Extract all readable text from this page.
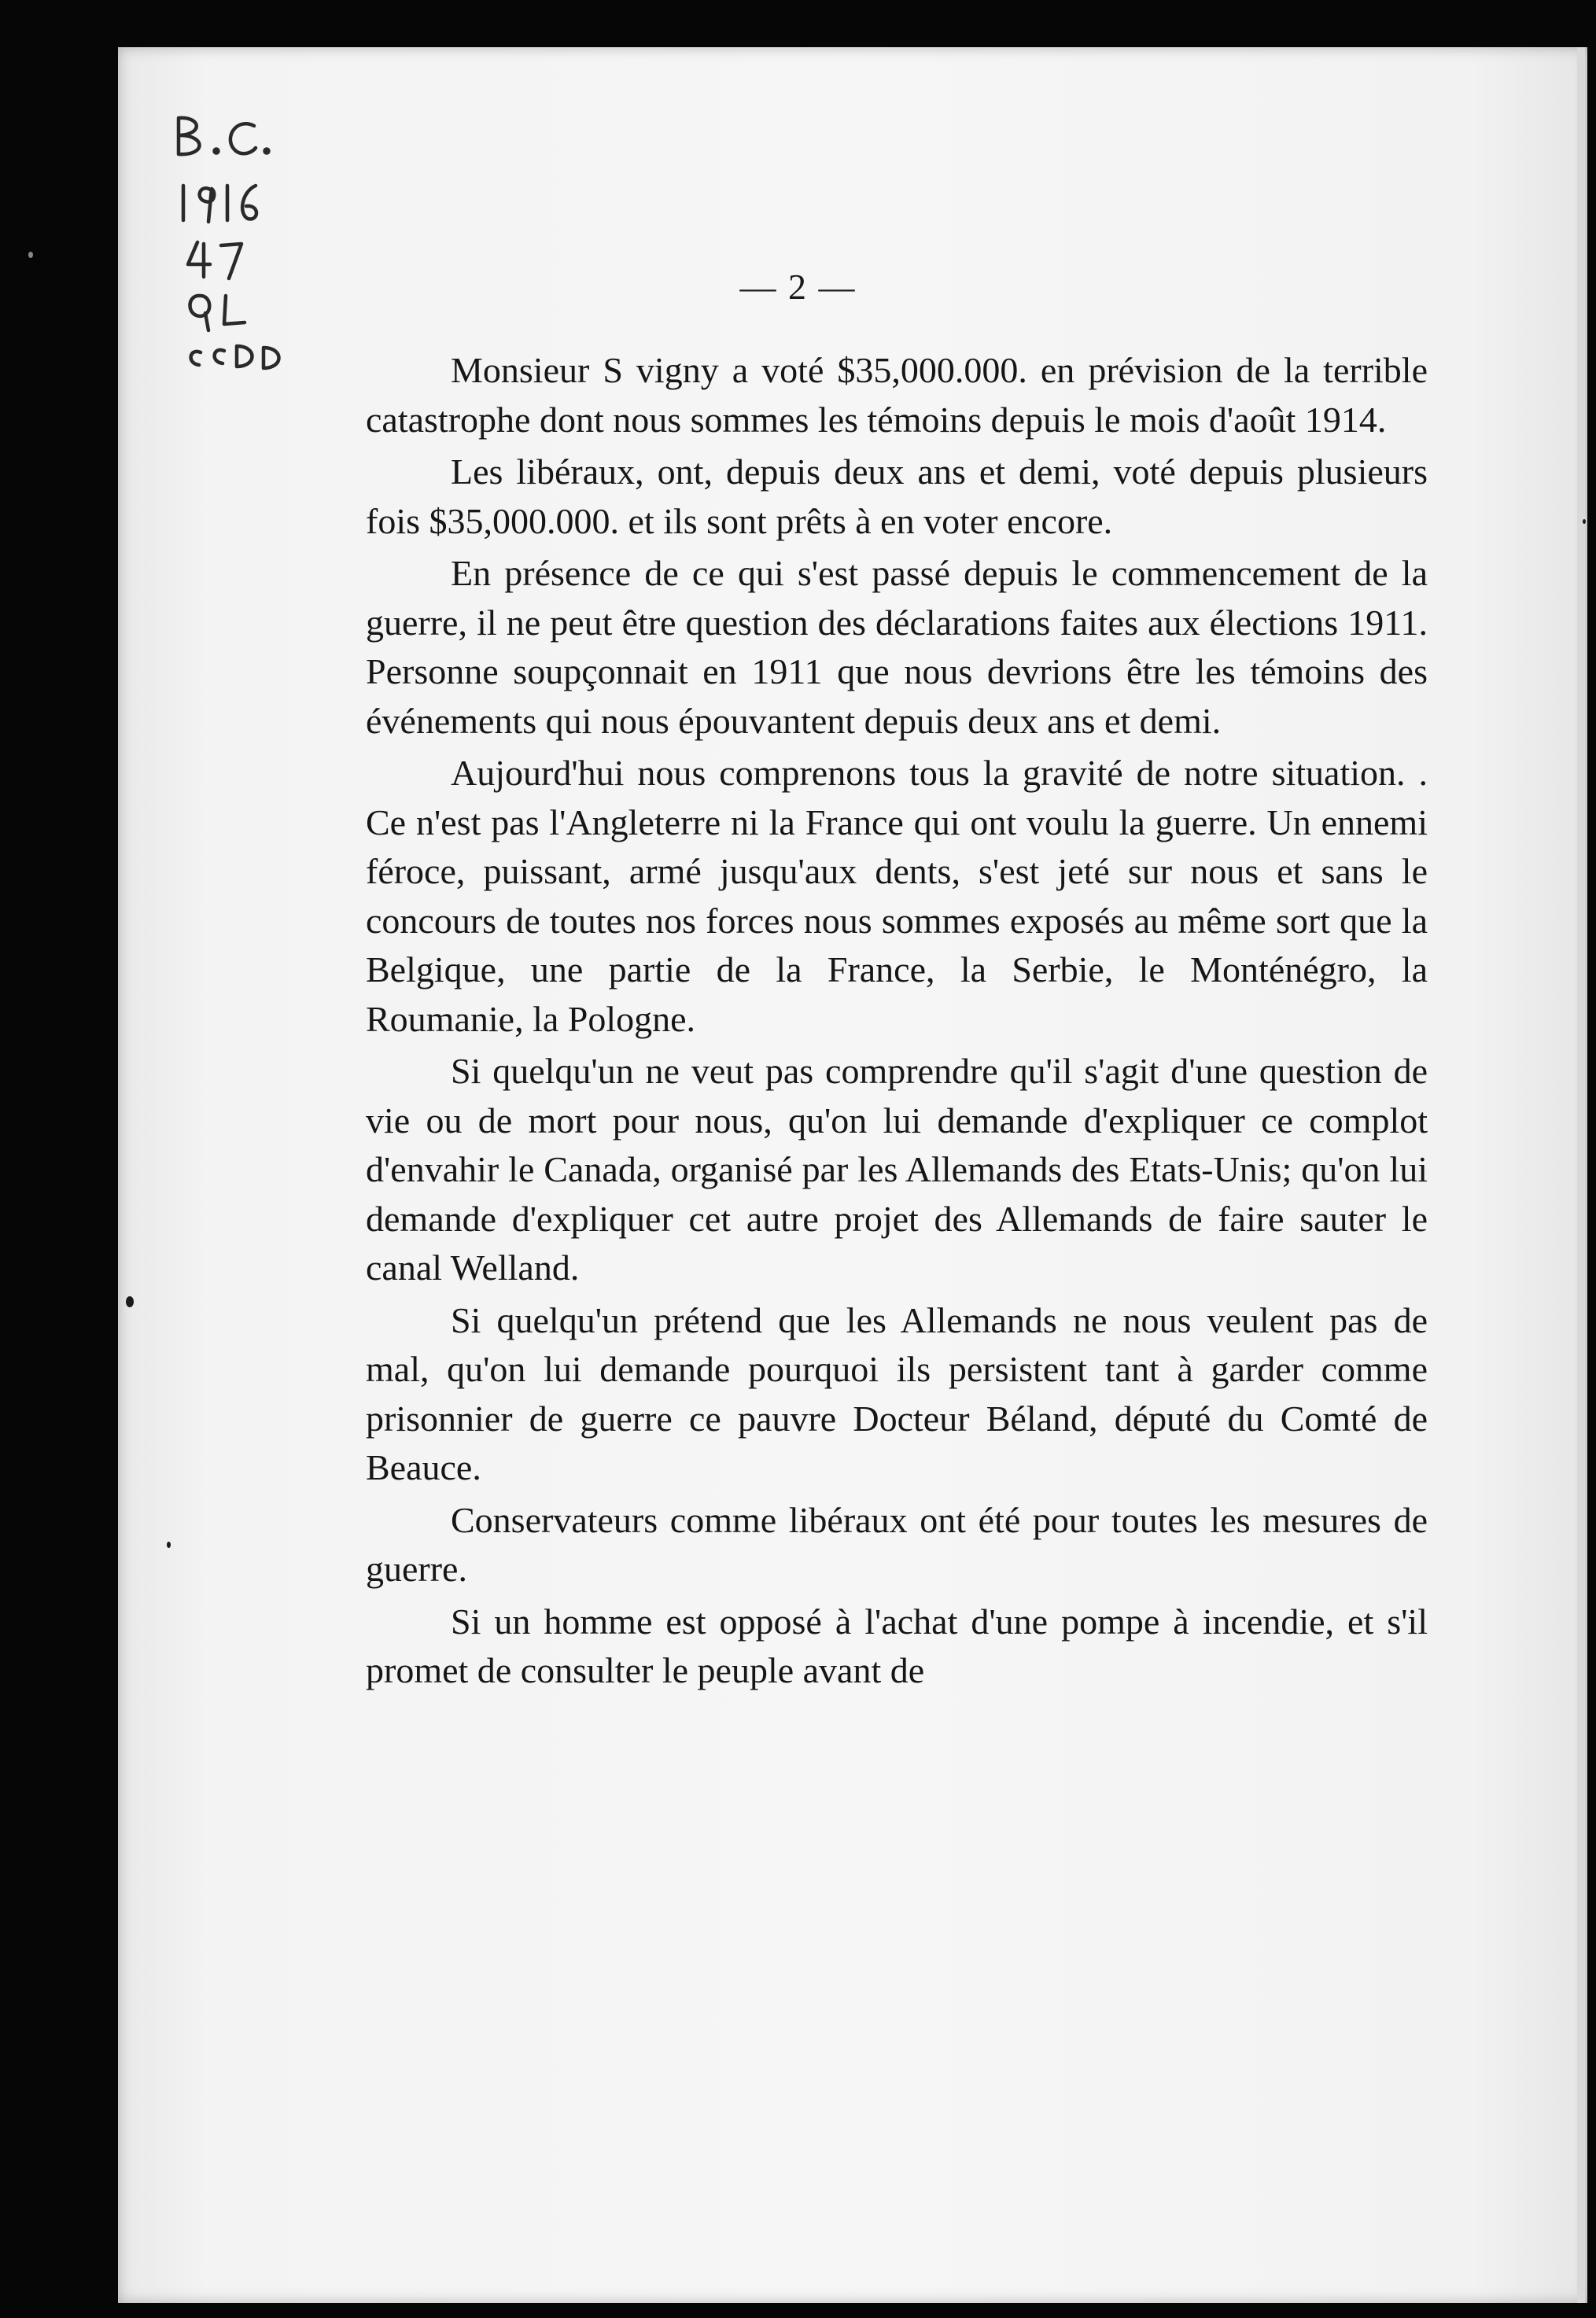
— 2 —

Monsieur S vigny a voté $35,000.000. en prévision de la terrible catastrophe dont nous sommes les témoins depuis le mois d'août 1914.

Les libéraux, ont, depuis deux ans et demi, voté depuis plusieurs fois $35,000.000. et ils sont prêts à en voter encore.

En présence de ce qui s'est passé depuis le commencement de la guerre, il ne peut être question des déclarations faites aux élections 1911. Personne soupçonnait en 1911 que nous devrions être les témoins des événements qui nous épouvantent depuis deux ans et demi.

Aujourd'hui nous comprenons tous la gravité de notre situation. . Ce n'est pas l'Angleterre ni la France qui ont voulu la guerre. Un ennemi féroce, puissant, armé jusqu'aux dents, s'est jeté sur nous et sans le concours de toutes nos forces nous sommes exposés au même sort que la Belgique, une partie de la France, la Serbie, le Monténégro, la Roumanie, la Pologne.

Si quelqu'un ne veut pas comprendre qu'il s'agit d'une question de vie ou de mort pour nous, qu'on lui demande d'expliquer ce complot d'envahir le Canada, organisé par les Allemands des Etats-Unis; qu'on lui demande d'expliquer cet autre projet des Allemands de faire sauter le canal Welland.

Si quelqu'un prétend que les Allemands ne nous veulent pas de mal, qu'on lui demande pourquoi ils persistent tant à garder comme prisonnier de guerre ce pauvre Docteur Béland, député du Comté de Beauce.

Conservateurs comme libéraux ont été pour toutes les mesures de guerre.

Si un homme est opposé à l'achat d'une pompe à incendie, et s'il promet de consulter le peuple avant de
